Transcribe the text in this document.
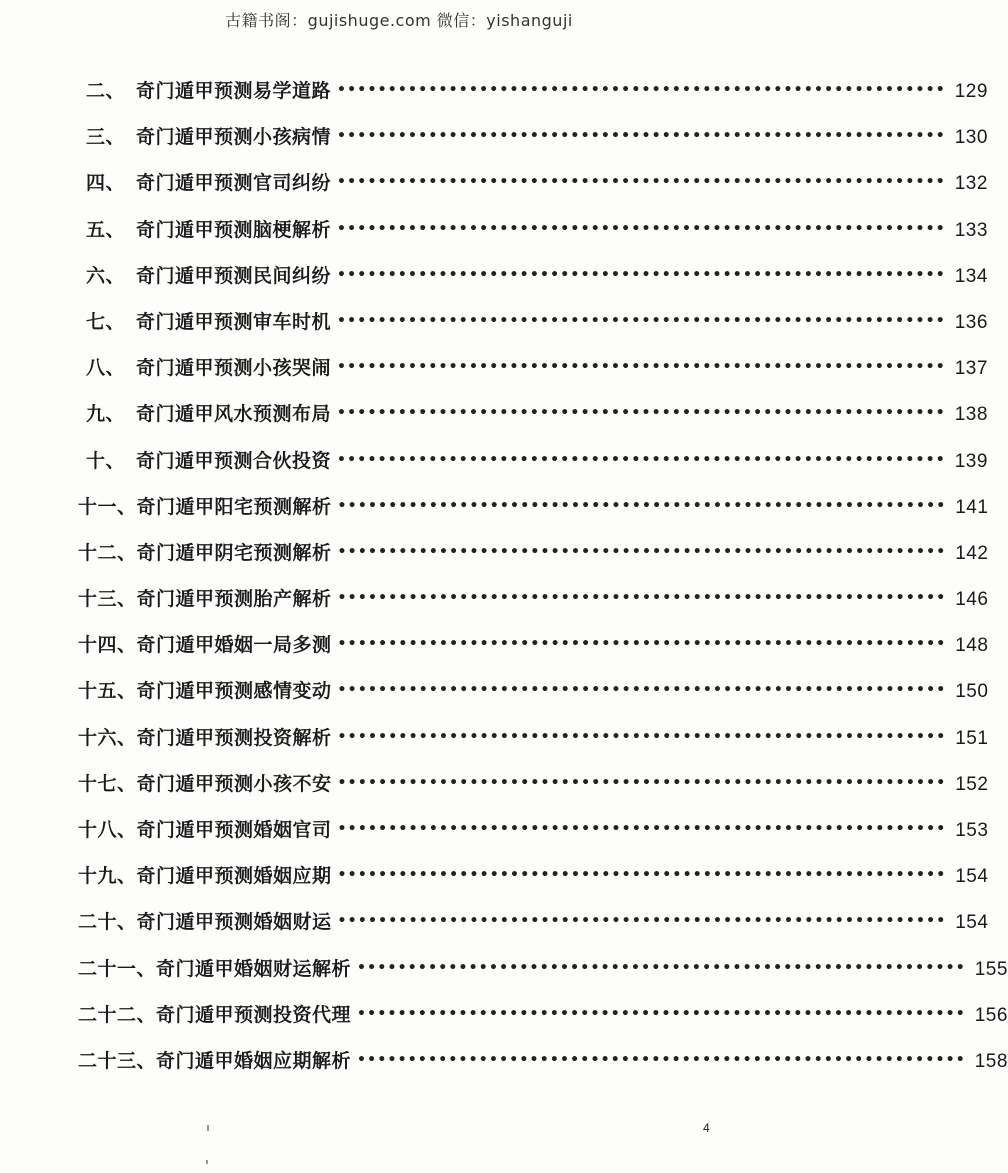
古籍书阁：gujishuge.com 微信：yishanguji
二、 奇门遁甲预测易学道路 •••••••••••••••••••••••••••••••••••••••••••••••••••••••••••• 129
三、 奇门遁甲预测小孩病情 •••••••••••••••••••••••••••••••••••••••••••••••••••••••••••• 130
四、 奇门遁甲预测官司纠纷 •••••••••••••••••••••••••••••••••••••••••••••••••••••••••••• 132
五、 奇门遁甲预测脑梗解析 •••••••••••••••••••••••••••••••••••••••••••••••••••••••••••• 133
六、 奇门遁甲预测民间纠纷 •••••••••••••••••••••••••••••••••••••••••••••••••••••••••••• 134
七、 奇门遁甲预测审车时机 •••••••••••••••••••••••••••••••••••••••••••••••••••••••••••• 136
八、 奇门遁甲预测小孩哭闹 •••••••••••••••••••••••••••••••••••••••••••••••••••••••••••• 137
九、 奇门遁甲风水预测布局 •••••••••••••••••••••••••••••••••••••••••••••••••••••••••••• 138
十、 奇门遁甲预测合伙投资 •••••••••••••••••••••••••••••••••••••••••••••••••••••••••••• 139
十一、 奇门遁甲阳宅预测解析 •••••••••••••••••••••••••••••••••••••••••••••••••••••••••••• 141
十二、 奇门遁甲阴宅预测解析 •••••••••••••••••••••••••••••••••••••••••••••••••••••••••••• 142
十三、 奇门遁甲预测胎产解析 •••••••••••••••••••••••••••••••••••••••••••••••••••••••••••• 146
十四、 奇门遁甲婚姻一局多测 •••••••••••••••••••••••••••••••••••••••••••••••••••••••••••• 148
十五、 奇门遁甲预测感情变动 •••••••••••••••••••••••••••••••••••••••••••••••••••••••••••• 150
十六、 奇门遁甲预测投资解析 •••••••••••••••••••••••••••••••••••••••••••••••••••••••••••• 151
十七、 奇门遁甲预测小孩不安 •••••••••••••••••••••••••••••••••••••••••••••••••••••••••••• 152
十八、 奇门遁甲预测婚姻官司 •••••••••••••••••••••••••••••••••••••••••••••••••••••••••••• 153
十九、 奇门遁甲预测婚姻应期 •••••••••••••••••••••••••••••••••••••••••••••••••••••••••••• 154
二十、 奇门遁甲预测婚姻财运 •••••••••••••••••••••••••••••••••••••••••••••••••••••••••••• 154
二十一、 奇门遁甲婚姻财运解析 •••••••••••••••••••••••••••••••••••••••••••••••••••••••••••• 155
二十二、 奇门遁甲预测投资代理 •••••••••••••••••••••••••••••••••••••••••••••••••••••••••••• 156
二十三、 奇门遁甲婚姻应期解析 •••••••••••••••••••••••••••••••••••••••••••••••••••••••••••• 158
4
